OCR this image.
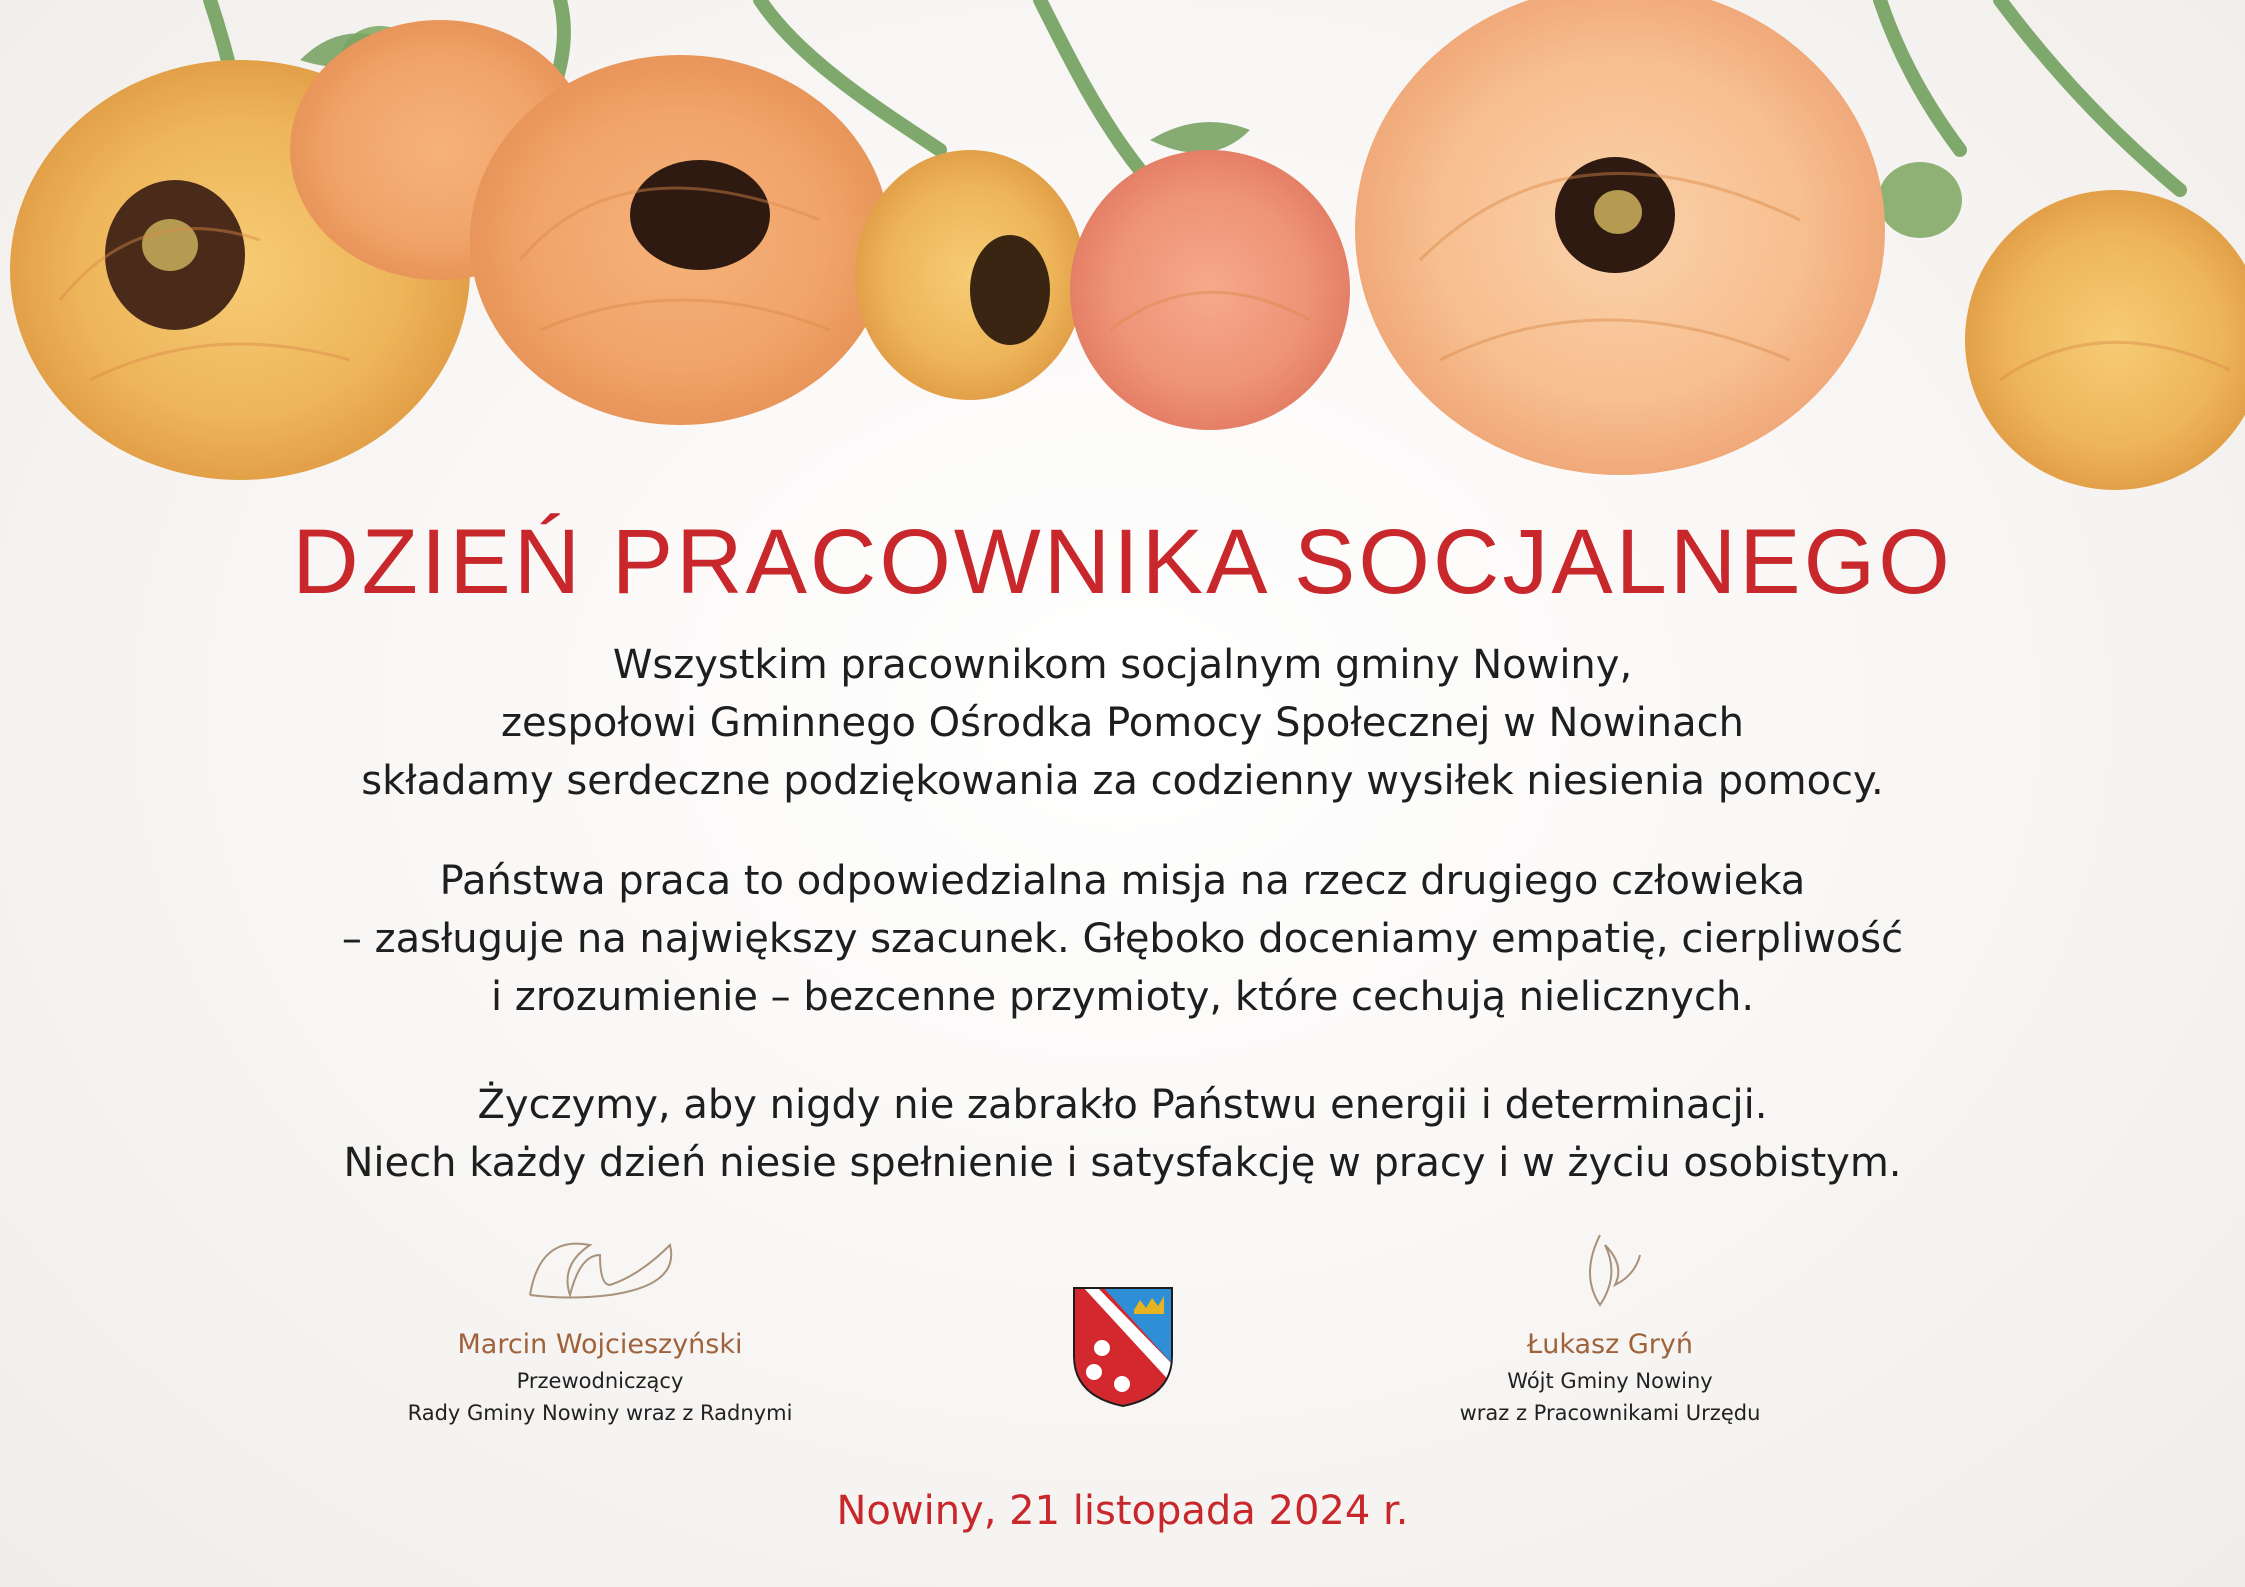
DZIEŃ PRACOWNIKA SOCJALNEGO

Wszystkim pracownikom socjalnym gminy Nowiny,

zespołowi Gminnego Ośrodka Pomocy Społecznej w Nowinach

składamy serdeczne podziękowania za codzienny wysiłek niesienia pomocy.

Państwa praca to odpowiedzialna misja na rzecz drugiego człowieka

– zasługuje na największy szacunek. Głęboko doceniamy empatię, cierpliwość

i zrozumienie – bezcenne przymioty, które cechują nielicznych.

Życzymy, aby nigdy nie zabrakło Państwu energii i determinacji.

Niech każdy dzień niesie spełnienie i satysfakcję w pracy i w życiu osobistym.

Marcin Wojcieszyński
Przewodniczący
Rady Gminy Nowiny wraz z Radnymi
Łukasz Gryń
Wójt Gminy Nowiny
wraz z Pracownikami Urzędu
Nowiny, 21 listopada 2024 r.
